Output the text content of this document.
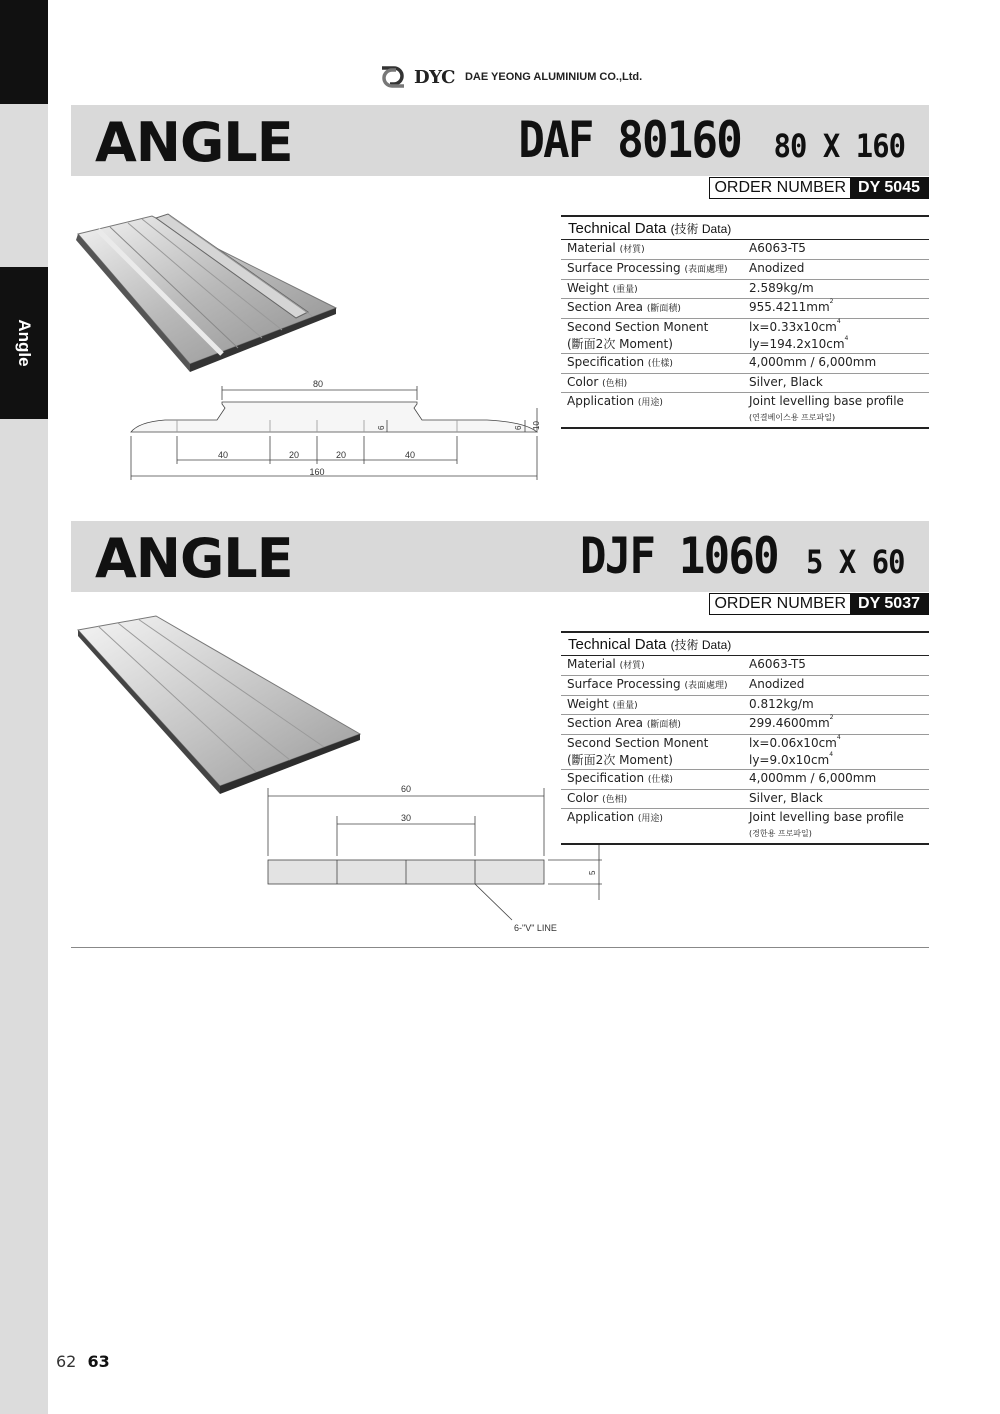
Angle
DYC DAE YEONG ALUMINIUM CO.,Ltd.
ANGLE	DAF 80160 80 X 160
ORDER NUMBER DY 5045
80
40	20	20	40
160
6	6 10
Technical Data (技術 Data)
Material (材質)	A6063-T5
Surface Processing (表面處理)	Anodized
Weight (重量)	2.589kg/m
Section Area (斷面積)	$955.4211mm^2$
Second Section Monent	$lx=0.33x10cm^4$
(斷面2次 Moment)	$ly=194.2x10cm^4$
Specification (仕樣)	4,000mm / 6,000mm
Color (色相)	Silver, Black
Application (用途)	Joint levelling base profile
(연결베이스용 프로파일)
ANGLE	DJF 1060 5 X 60
ORDER NUMBER DY 5037
60
30
5
6-"V" LINE
Technical Data (技術 Data)
Material (材質)	A6063-T5
Surface Processing (表面處理)	Anodized
Weight (重量)	0.812kg/m
Section Area (斷面積)	$299.4600mm^2$
Second Section Monent	$lx=0.06x10cm^4$
(斷面2次 Moment)	$ly=9.0x10cm^4$
Specification (仕樣)	4,000mm / 6,000mm
Color (色相)	Silver, Black
Application (用途)	Joint levelling base profile
(경한용 프로파일)
62 63
